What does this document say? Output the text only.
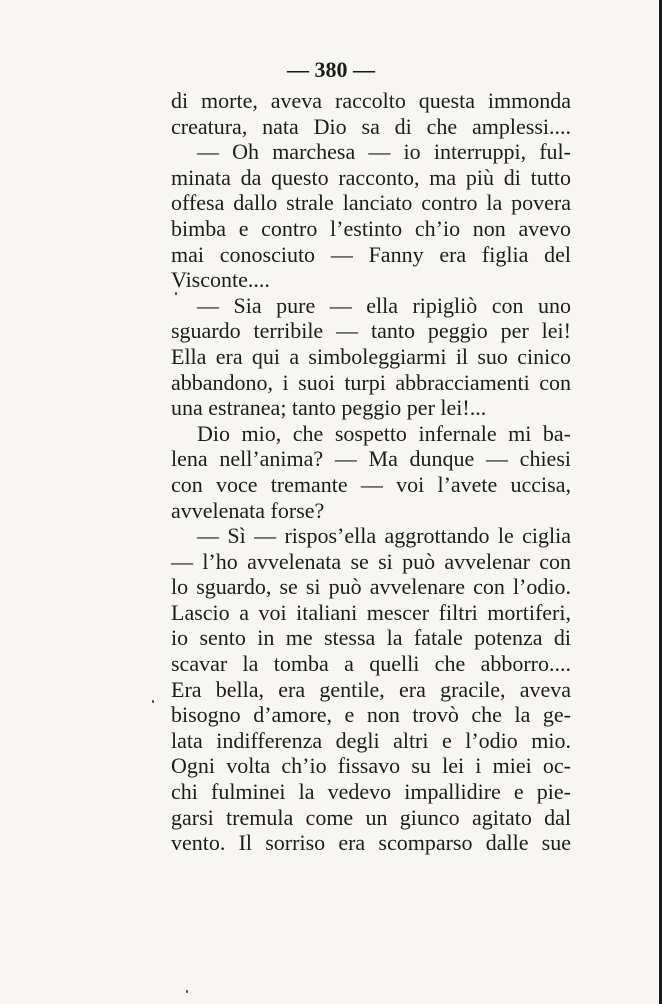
— 380 —
di morte, aveva raccolto questa immonda
creatura, nata Dio sa di che amplessi....
— Oh marchesa — io interruppi, ful-
minata da questo racconto, ma più di tutto
offesa dallo strale lanciato contro la povera
bimba e contro l’estinto ch’io non avevo
mai conosciuto — Fanny era figlia del
Visconte....
— Sia pure — ella ripigliò con uno
sguardo terribile — tanto peggio per lei!
Ella era qui a simboleggiarmi il suo cinico
abbandono, i suoi turpi abbracciamenti con
una estranea; tanto peggio per lei!...
Dio mio, che sospetto infernale mi ba-
lena nell’anima? — Ma dunque — chiesi
con voce tremante — voi l’avete uccisa,
avvelenata forse?
— Sì — rispos’ella aggrottando le ciglia
— l’ho avvelenata se si può avvelenar con
lo sguardo, se si può avvelenare con l’odio.
Lascio a voi italiani mescer filtri mortiferi,
io sento in me stessa la fatale potenza di
scavar la tomba a quelli che abborro....
Era bella, era gentile, era gracile, aveva
bisogno d’amore, e non trovò che la ge-
lata indifferenza degli altri e l’odio mio.
Ogni volta ch’io fissavo su lei i miei oc-
chi fulminei la vedevo impallidire e pie-
garsi tremula come un giunco agitato dal
vento. Il sorriso era scomparso dalle sue
